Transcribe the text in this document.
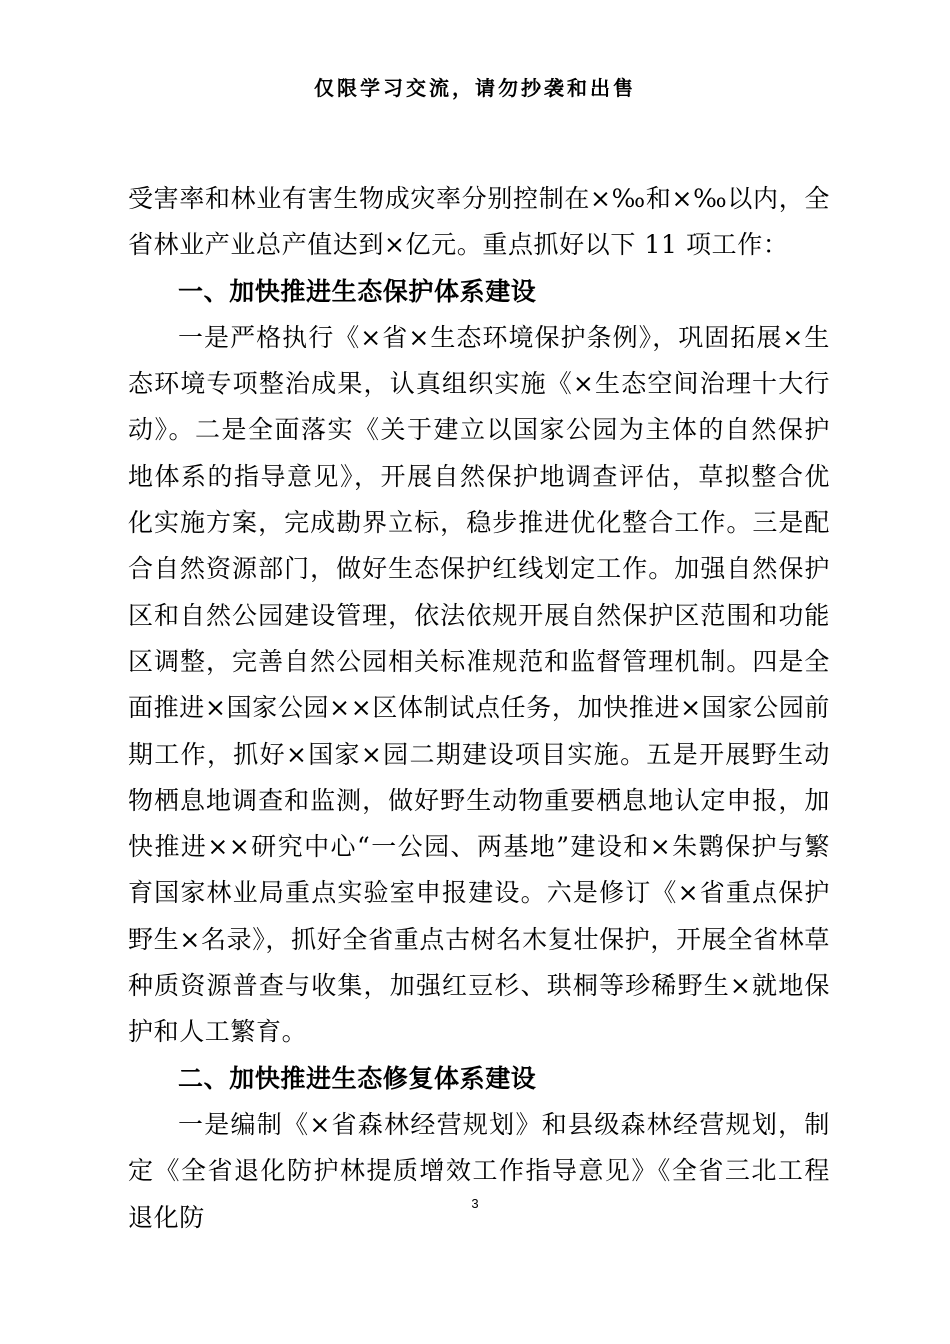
仅限学习交流，请勿抄袭和出售

受害率和林业有害生物成灾率分别控制在×‰和×‰以内，全省林业产业总产值达到×亿元。重点抓好以下 11 项工作：

一、加快推进生态保护体系建设

一是严格执行《×省×生态环境保护条例》，巩固拓展×生态环境专项整治成果，认真组织实施《×生态空间治理十大行动》。二是全面落实《关于建立以国家公园为主体的自然保护地体系的指导意见》，开展自然保护地调查评估，草拟整合优化实施方案，完成勘界立标，稳步推进优化整合工作。三是配合自然资源部门，做好生态保护红线划定工作。加强自然保护区和自然公园建设管理，依法依规开展自然保护区范围和功能区调整，完善自然公园相关标准规范和监督管理机制。四是全面推进×国家公园××区体制试点任务，加快推进×国家公园前期工作，抓好×国家×园二期建设项目实施。五是开展野生动物栖息地调查和监测，做好野生动物重要栖息地认定申报，加快推进××研究中心“一公园、两基地”建设和×朱鹮保护与繁育国家林业局重点实验室申报建设。六是修订《×省重点保护野生×名录》，抓好全省重点古树名木复壮保护，开展全省林草种质资源普查与收集，加强红豆杉、珙桐等珍稀野生×就地保护和人工繁育。

二、加快推进生态修复体系建设

一是编制《×省森林经营规划》和县级森林经营规划，制定《全省退化防护林提质增效工作指导意见》《全省三北工程退化防	3
